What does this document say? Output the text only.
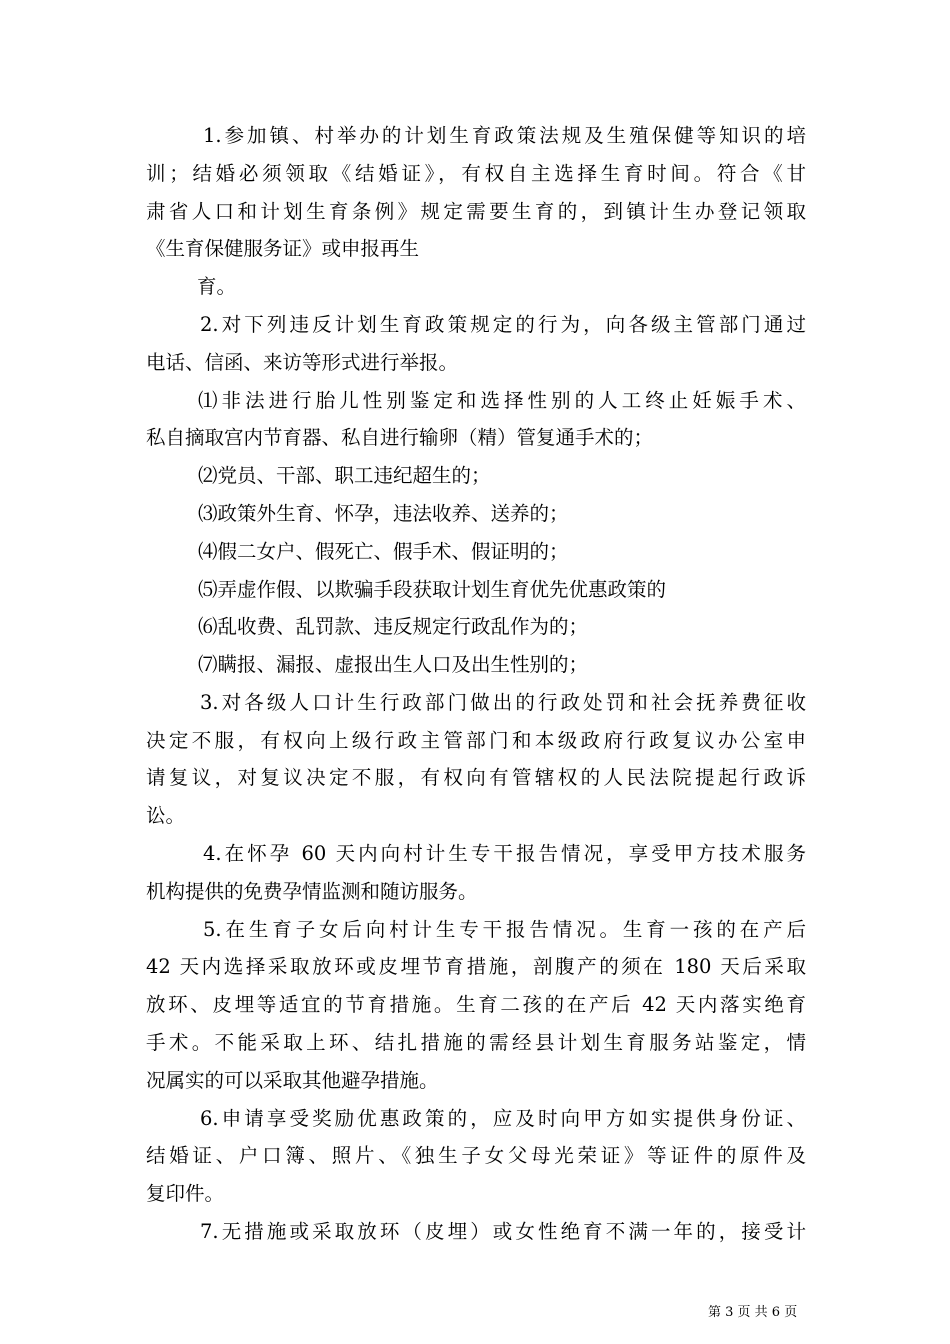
1.参加镇、村举办的计划生育政策法规及生殖保健等知识的培
训；结婚必须领取《结婚证》，有权自主选择生育时间。符合《甘
肃省人口和计划生育条例》规定需要生育的，到镇计生办登记领取
《生育保健服务证》或申报再生
育。
2.对下列违反计划生育政策规定的行为，向各级主管部门通过
电话、信函、来访等形式进行举报。
⑴非法进行胎儿性别鉴定和选择性别的人工终止妊娠手术、
私自摘取宫内节育器、私自进行输卵（精）管复通手术的；
⑵党员、干部、职工违纪超生的；
⑶政策外生育、怀孕，违法收养、送养的；
⑷假二女户、假死亡、假手术、假证明的；
⑸弄虚作假、以欺骗手段获取计划生育优先优惠政策的
⑹乱收费、乱罚款、违反规定行政乱作为的；
⑺瞒报、漏报、虚报出生人口及出生性别的；
3.对各级人口计生行政部门做出的行政处罚和社会抚养费征收
决定不服，有权向上级行政主管部门和本级政府行政复议办公室申
请复议，对复议决定不服，有权向有管辖权的人民法院提起行政诉
讼。
4.在怀孕 60 天内向村计生专干报告情况，享受甲方技术服务
机构提供的免费孕情监测和随访服务。
5.在生育子女后向村计生专干报告情况。生育一孩的在产后
42 天内选择采取放环或皮埋节育措施，剖腹产的须在 180 天后采取
放环、皮埋等适宜的节育措施。生育二孩的在产后 42 天内落实绝育
手术。不能采取上环、结扎措施的需经县计划生育服务站鉴定，情
况属实的可以采取其他避孕措施。
6.申请享受奖励优惠政策的，应及时向甲方如实提供身份证、
结婚证、户口簿、照片、《独生子女父母光荣证》等证件的原件及
复印件。
7.无措施或采取放环（皮埋）或女性绝育不满一年的，接受计
第 3 页 共 6 页
